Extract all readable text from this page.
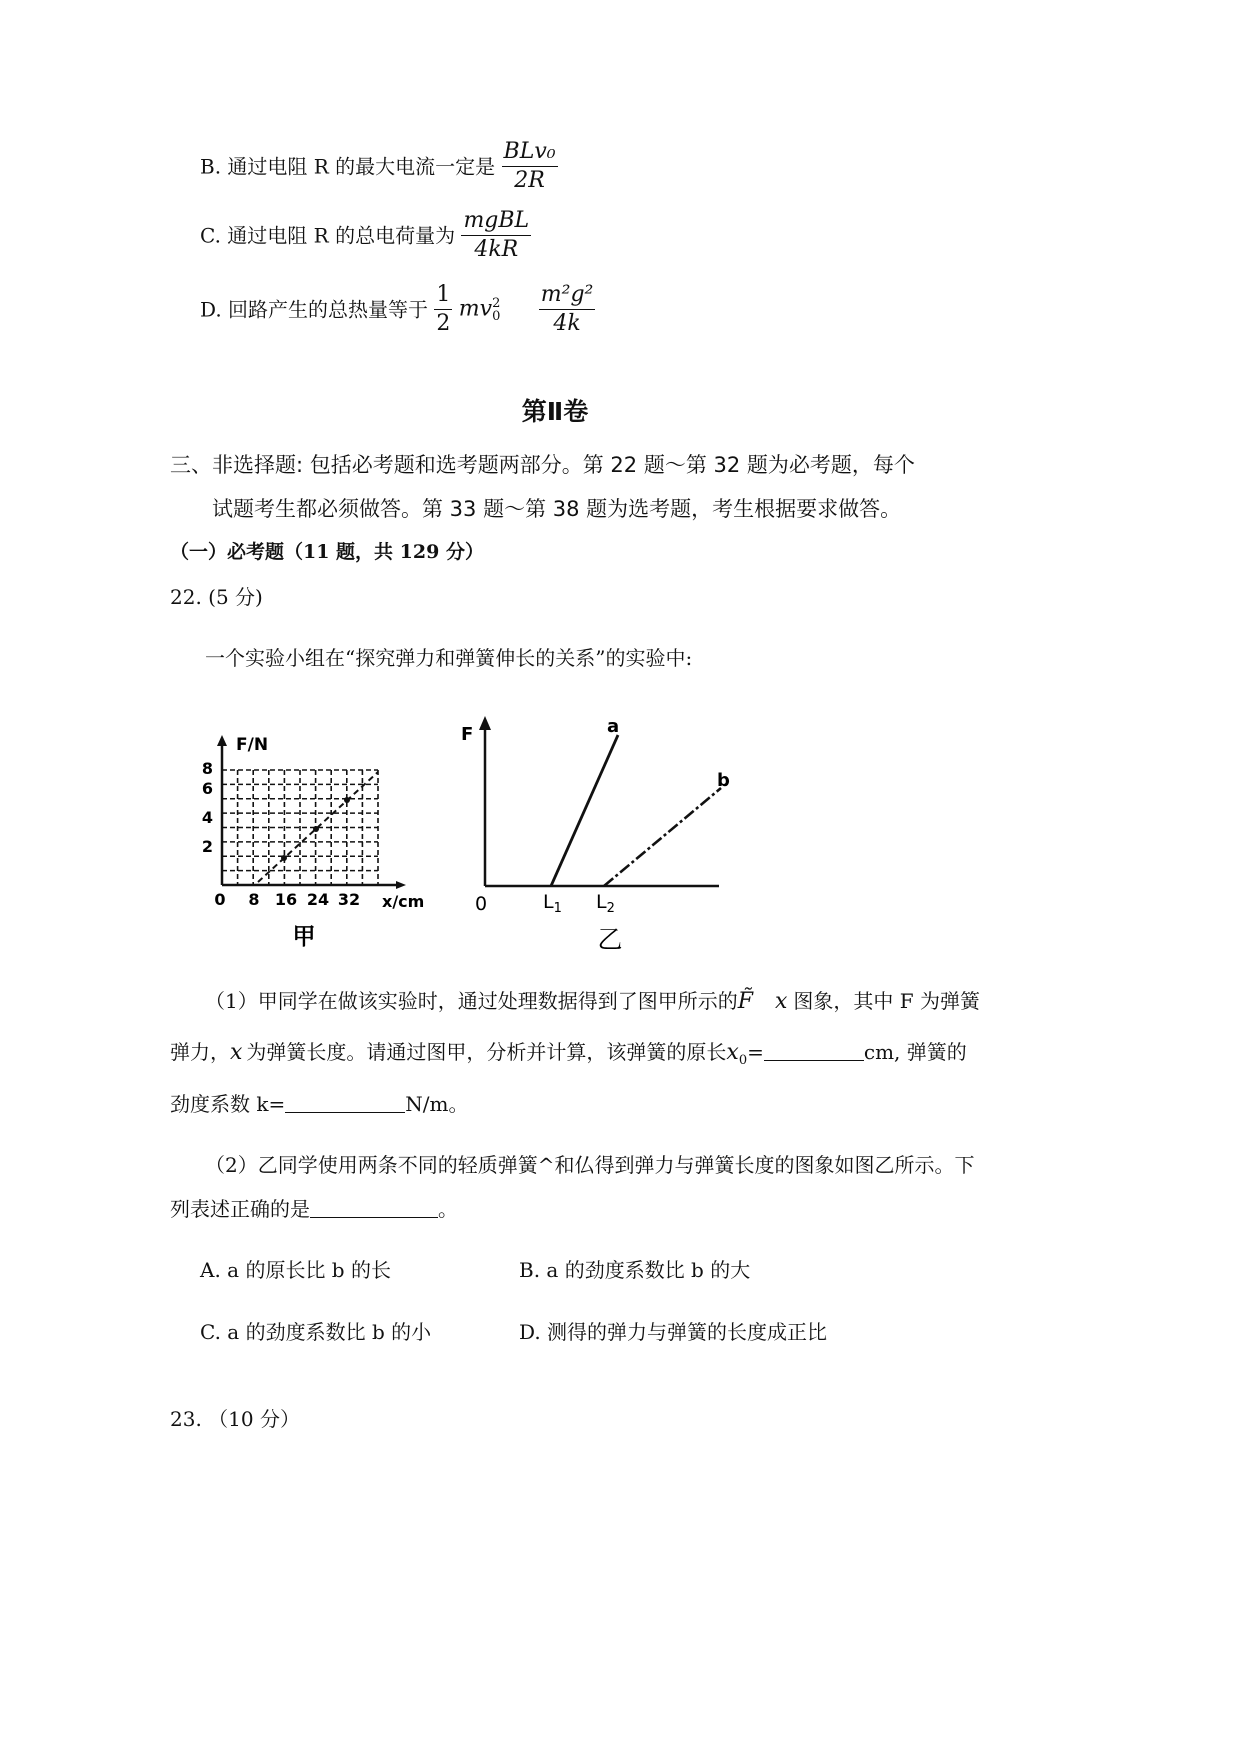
B. 通过电阻 R 的最大电流一定是 $\frac{\text{BLv₀}}{2R}$
C. 通过电阻 R 的总电荷量为 $\frac{\text{mgBL}}{4kR}$
D. 回路产生的总热量等于 $\frac{1}{2}$ mv 2
0
$\frac{\text{m²g²}}{4k}$
第Ⅱ卷
三、非选择题: 包括必考题和选考题两部分。第 22 题～第 32 题为必考题，每个
试题考生都必须做答。第 33 题～第 38 题为选考题，考生根据要求做答。
（一）必考题（11 题，共 129 分）
22. (5 分)
一个实验小组在“探究弹力和弹簧伸长的关系”的实验中:
F/N
8
6
4
2
0 8 16 24 32 x/cm
甲
F
0	$L_1$ $L_2$
a
b
乙
（1）甲同学在做该实验时，通过处理数据得到了图甲所示的F̃ x 图象，其中 F 为弹簧
弹力，x 为弹簧长度。请通过图甲，分析并计算，该弹簧的原长$x_0=$	cm, 弹簧的
劲度系数 k=	N/m。
（2）乙同学使用两条不同的轻质弹簧^和仏得到弹力与弹簧长度的图象如图乙所示。下
列表述正确的是	。
A. a 的原长比 b 的长	B. a 的劲度系数比 b 的大
C. a 的劲度系数比 b 的小	D. 测得的弹力与弹簧的长度成正比
23. （10 分）
